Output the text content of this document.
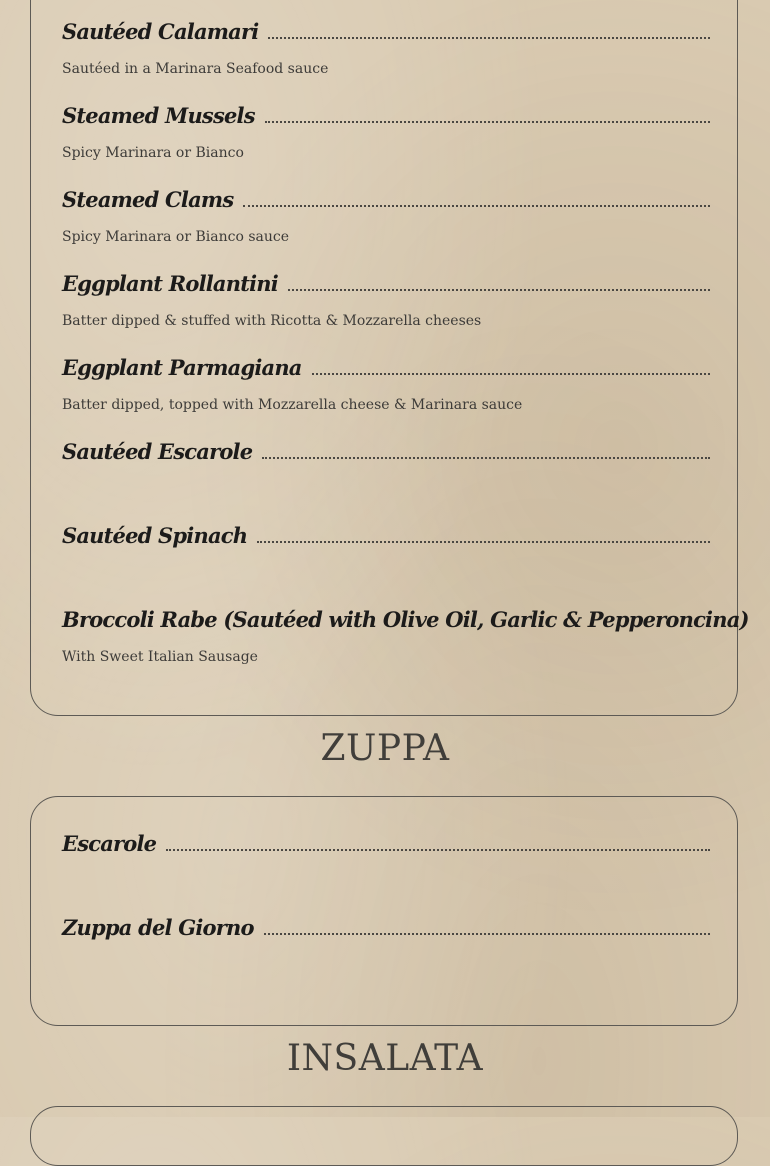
Sautéed Calamari
Sautéed in a Marinara Seafood sauce
Steamed Mussels
Spicy Marinara or Bianco
Steamed Clams
Spicy Marinara or Bianco sauce
Eggplant Rollantini
Batter dipped & stuffed with Ricotta & Mozzarella cheeses
Eggplant Parmagiana
Batter dipped, topped with Mozzarella cheese & Marinara sauce
Sautéed Escarole
Sautéed Spinach
Broccoli Rabe (Sautéed with Olive Oil, Garlic & Pepperoncina)
With Sweet Italian Sausage
ZUPPA
Escarole
Zuppa del Giorno
INSALATA
